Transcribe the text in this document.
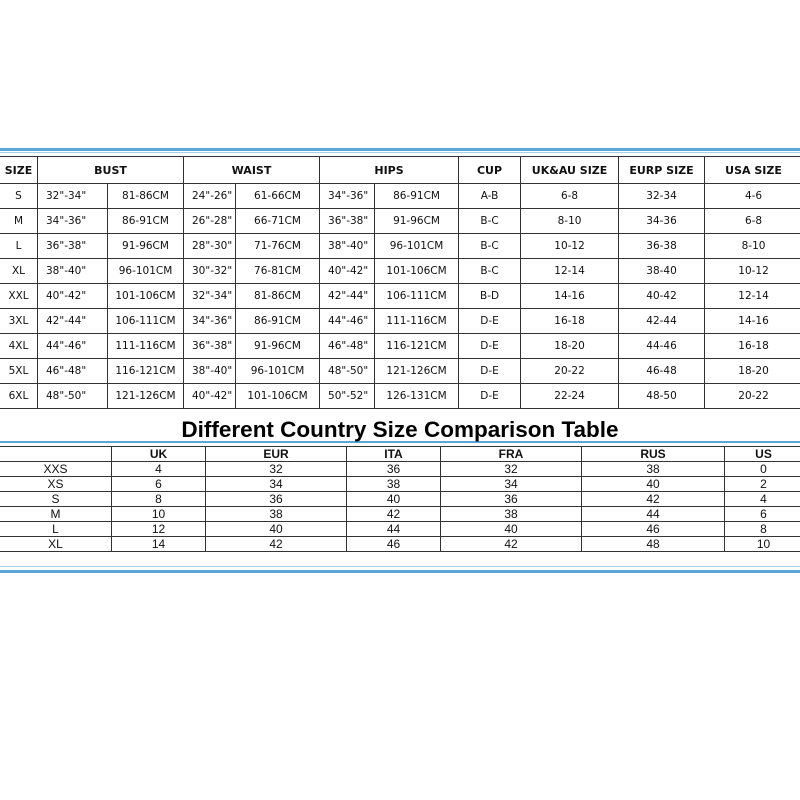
SIZE	BUST		WAIST		HIPS		CUP	UK&AU SIZE	EURP SIZE	USA SIZE
S	32"-34"	81-86CM	24"-26"	61-66CM	34"-36"	86-91CM	A-B	6-8	32-34	4-6
M	34"-36"	86-91CM	26"-28"	66-71CM	36"-38"	91-96CM	B-C	8-10	34-36	6-8
L	36"-38"	91-96CM	28"-30"	71-76CM	38"-40"	96-101CM	B-C	10-12	36-38	8-10
XL	38"-40"	96-101CM	30"-32"	76-81CM	40"-42"	101-106CM	B-C	12-14	38-40	10-12
XXL	40"-42"	101-106CM	32"-34"	81-86CM	42"-44"	106-111CM	B-D	14-16	40-42	12-14
3XL	42"-44"	106-111CM	34"-36"	86-91CM	44"-46"	111-116CM	D-E	16-18	42-44	14-16
4XL	44"-46"	111-116CM	36"-38"	91-96CM	46"-48"	116-121CM	D-E	18-20	44-46	16-18
5XL	46"-48"	116-121CM	38"-40"	96-101CM	48"-50"	121-126CM	D-E	20-22	46-48	18-20
6XL	48"-50"	121-126CM	40"-42"	101-106CM	50"-52"	126-131CM	D-E	22-24	48-50	20-22
Different Country Size Comparison Table
	UK	EUR	ITA	FRA	RUS	US
XXS	4	32	36	32	38	0
XS	6	34	38	34	40	2
S	8	36	40	36	42	4
M	10	38	42	38	44	6
L	12	40	44	40	46	8
XL	14	42	46	42	48	10
